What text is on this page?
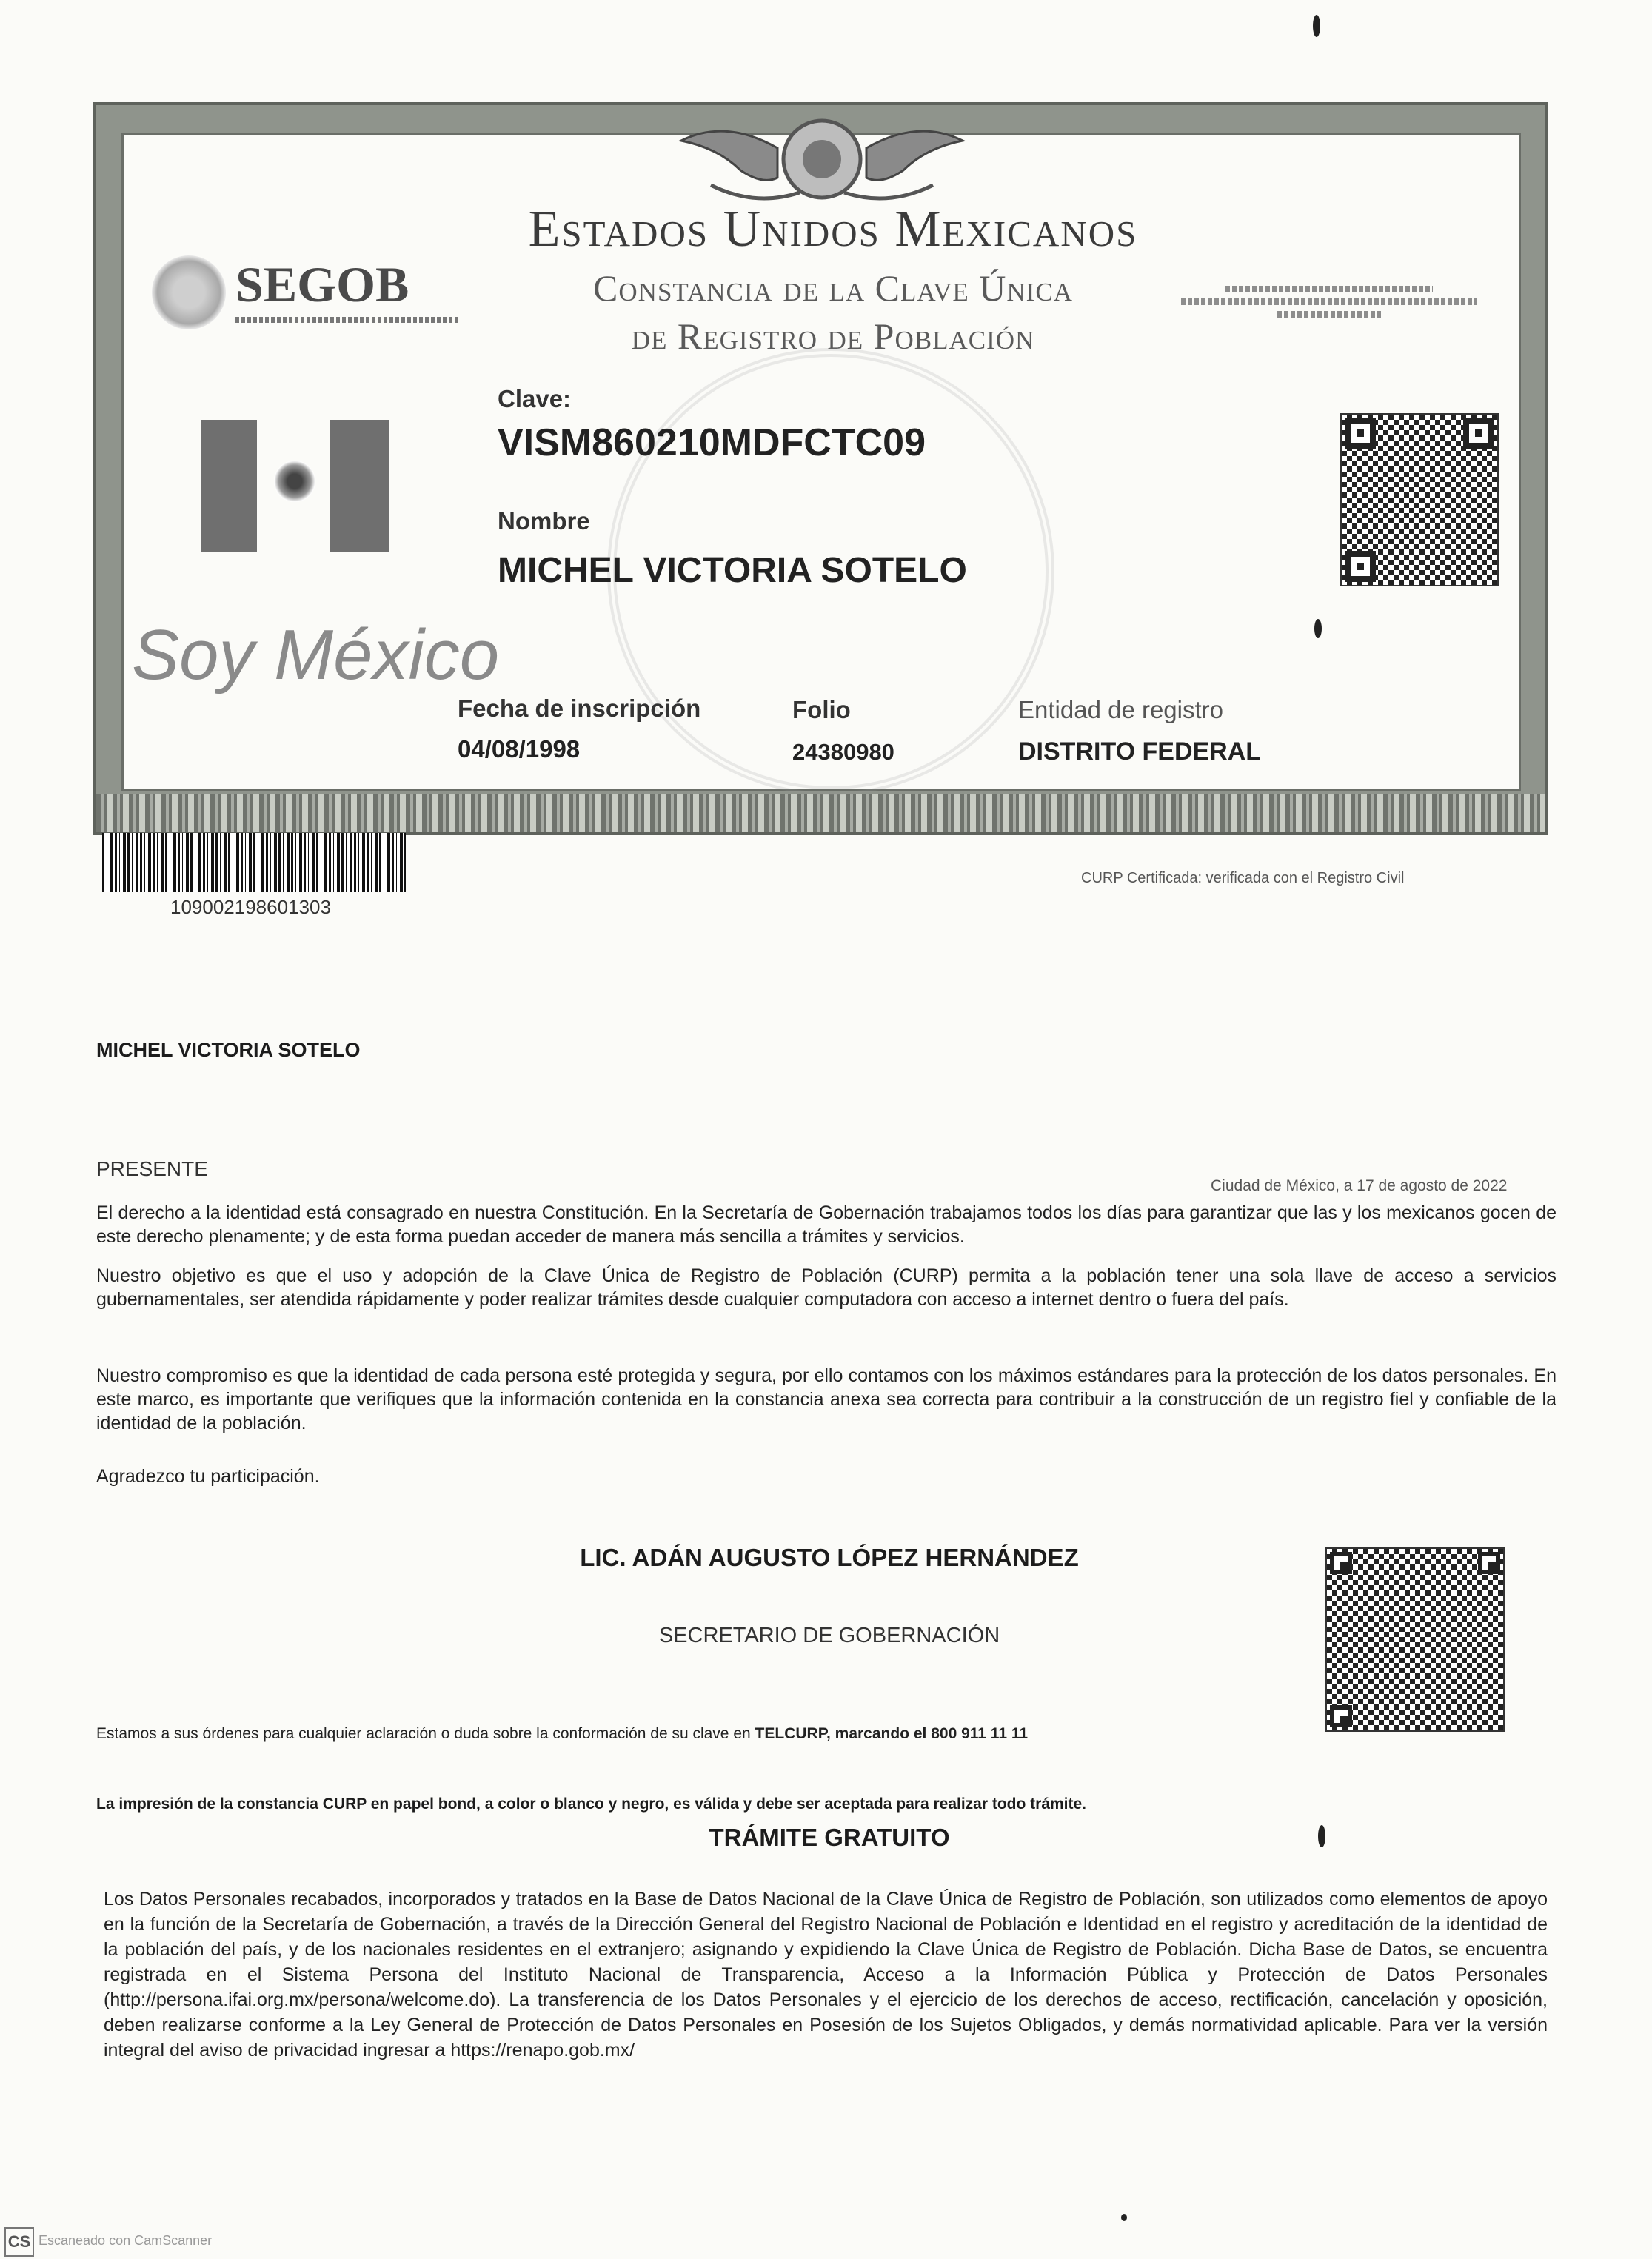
Estados Unidos Mexicanos
Constancia de la Clave Única
de Registro de Población
SEGOB
Soy México
Clave:
VISM860210MDFCTC09
Nombre
MICHEL VICTORIA SOTELO
Fecha de inscripción
04/08/1998
Folio
24380980
Entidad de registro
DISTRITO FEDERAL
109002198601303
CURP Certificada: verificada con el Registro Civil
MICHEL VICTORIA SOTELO
PRESENTE
Ciudad de México, a 17 de agosto de 2022
El derecho a la identidad está consagrado en nuestra Constitución. En la Secretaría de Gobernación trabajamos todos los días para garantizar que las y los mexicanos gocen de este derecho plenamente; y de esta forma puedan acceder de manera más sencilla a trámites y servicios.
Nuestro objetivo es que el uso y adopción de la Clave Única de Registro de Población (CURP) permita a la población tener una sola llave de acceso a servicios gubernamentales, ser atendida rápidamente y poder realizar trámites desde cualquier computadora con acceso a internet dentro o fuera del país.
Nuestro compromiso es que la identidad de cada persona esté protegida y segura, por ello contamos con los máximos estándares para la protección de los datos personales. En este marco, es importante que verifiques que la información contenida en la constancia anexa sea correcta para contribuir a la construcción de un registro fiel y confiable de la identidad de la población.
Agradezco tu participación.
LIC. ADÁN AUGUSTO LÓPEZ HERNÁNDEZ
SECRETARIO DE GOBERNACIÓN
Estamos a sus órdenes para cualquier aclaración o duda sobre la conformación de su clave en TELCURP, marcando el 800 911 11 11
La impresión de la constancia CURP en papel bond, a color o blanco y negro, es válida y debe ser aceptada para realizar todo trámite.
TRÁMITE GRATUITO
Los Datos Personales recabados, incorporados y tratados en la Base de Datos Nacional de la Clave Única de Registro de Población, son utilizados como elementos de apoyo en la función de la Secretaría de Gobernación, a través de la Dirección General del Registro Nacional de Población e Identidad en el registro y acreditación de la identidad de la población del país, y de los nacionales residentes en el extranjero; asignando y expidiendo la Clave Única de Registro de Población. Dicha Base de Datos, se encuentra registrada en el Sistema Persona del Instituto Nacional de Transparencia, Acceso a la Información Pública y Protección de Datos Personales (http://persona.ifai.org.mx/persona/welcome.do). La transferencia de los Datos Personales y el ejercicio de los derechos de acceso, rectificación, cancelación y oposición, deben realizarse conforme a la Ley General de Protección de Datos Personales en Posesión de los Sujetos Obligados, y demás normatividad aplicable. Para ver la versión integral del aviso de privacidad ingresar a https://renapo.gob.mx/
CS Escaneado con CamScanner
